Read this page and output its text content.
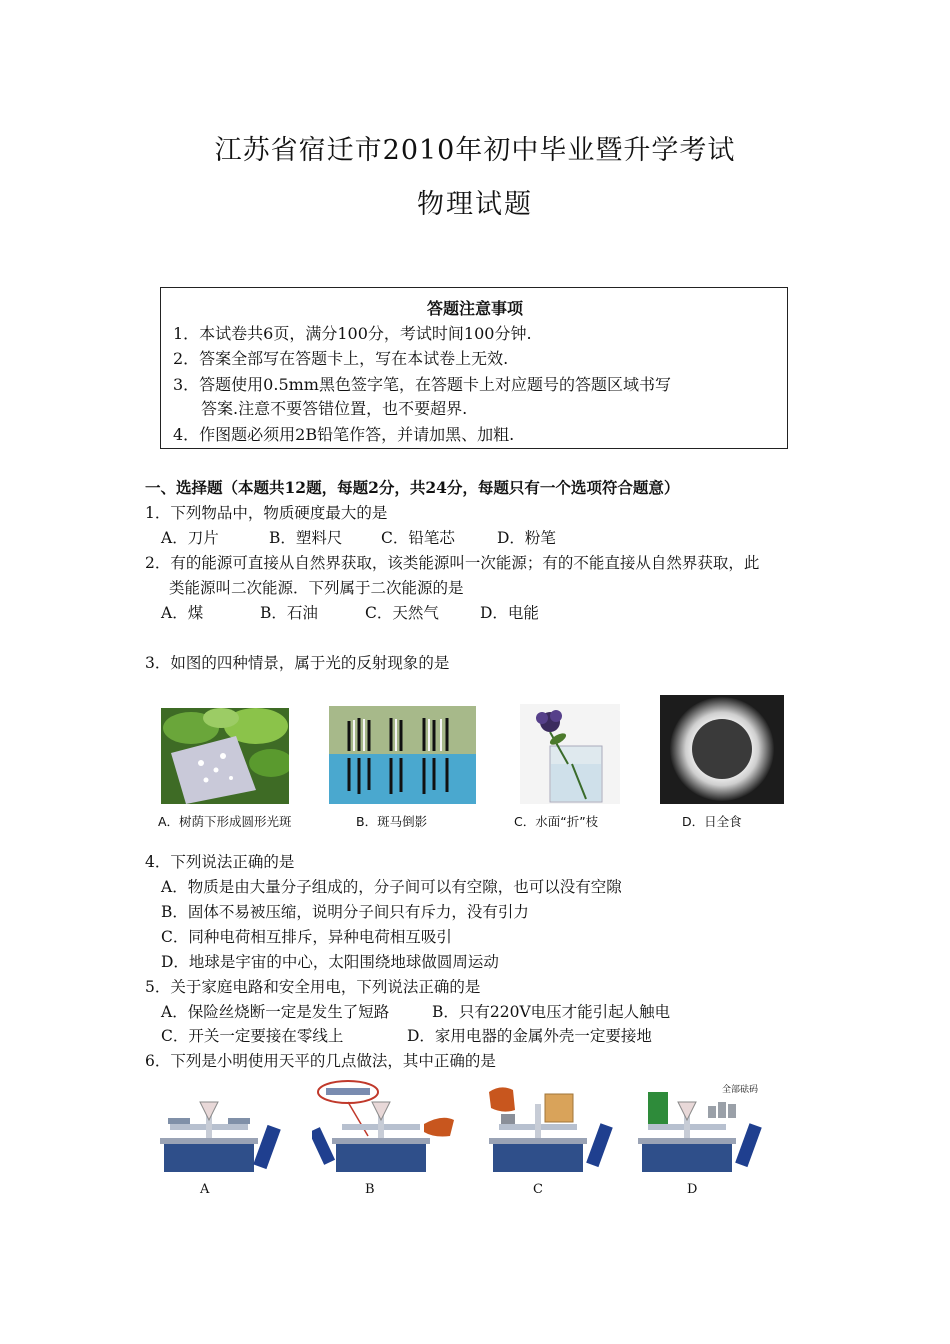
江苏省宿迁市2010年初中毕业暨升学考试
物理试题
答题注意事项
1．本试卷共6页，满分100分，考试时间100分钟.
2．答案全部写在答题卡上，写在本试卷上无效.
3．答题使用0.5mm黑色签字笔，在答题卡上对应题号的答题区域书写
答案.注意不要答错位置，也不要超界.
4．作图题必须用2B铅笔作答，并请加黑、加粗.
一、选择题（本题共12题，每题2分，共24分，每题只有一个选项符合题意）
1．下列物品中，物质硬度最大的是
A．刀片	B．塑料尺 C．铅笔芯	D．粉笔
2．有的能源可直接从自然界获取，该类能源叫一次能源；有的不能直接从自然界获取，此
类能源叫二次能源．下列属于二次能源的是
A．煤	B．石油	C．天然气	D．电能
3．如图的四种情景，属于光的反射现象的是
A．树荫下形成圆形光斑	B．斑马倒影	C．水面“折”枝	D．日全食
4．下列说法正确的是
A．物质是由大量分子组成的，分子间可以有空隙，也可以没有空隙
B．固体不易被压缩，说明分子间只有斥力，没有引力
C．同种电荷相互排斥，异种电荷相互吸引
D．地球是宇宙的中心，太阳围绕地球做圆周运动
5．关于家庭电路和安全用电，下列说法正确的是
A．保险丝烧断一定是发生了短路	B．只有220V电压才能引起人触电
C．开关一定要接在零线上	D．家用电器的金属外壳一定要接地
6．下列是小明使用天平的几点做法，其中正确的是
全部砝码
A	B	C	D
